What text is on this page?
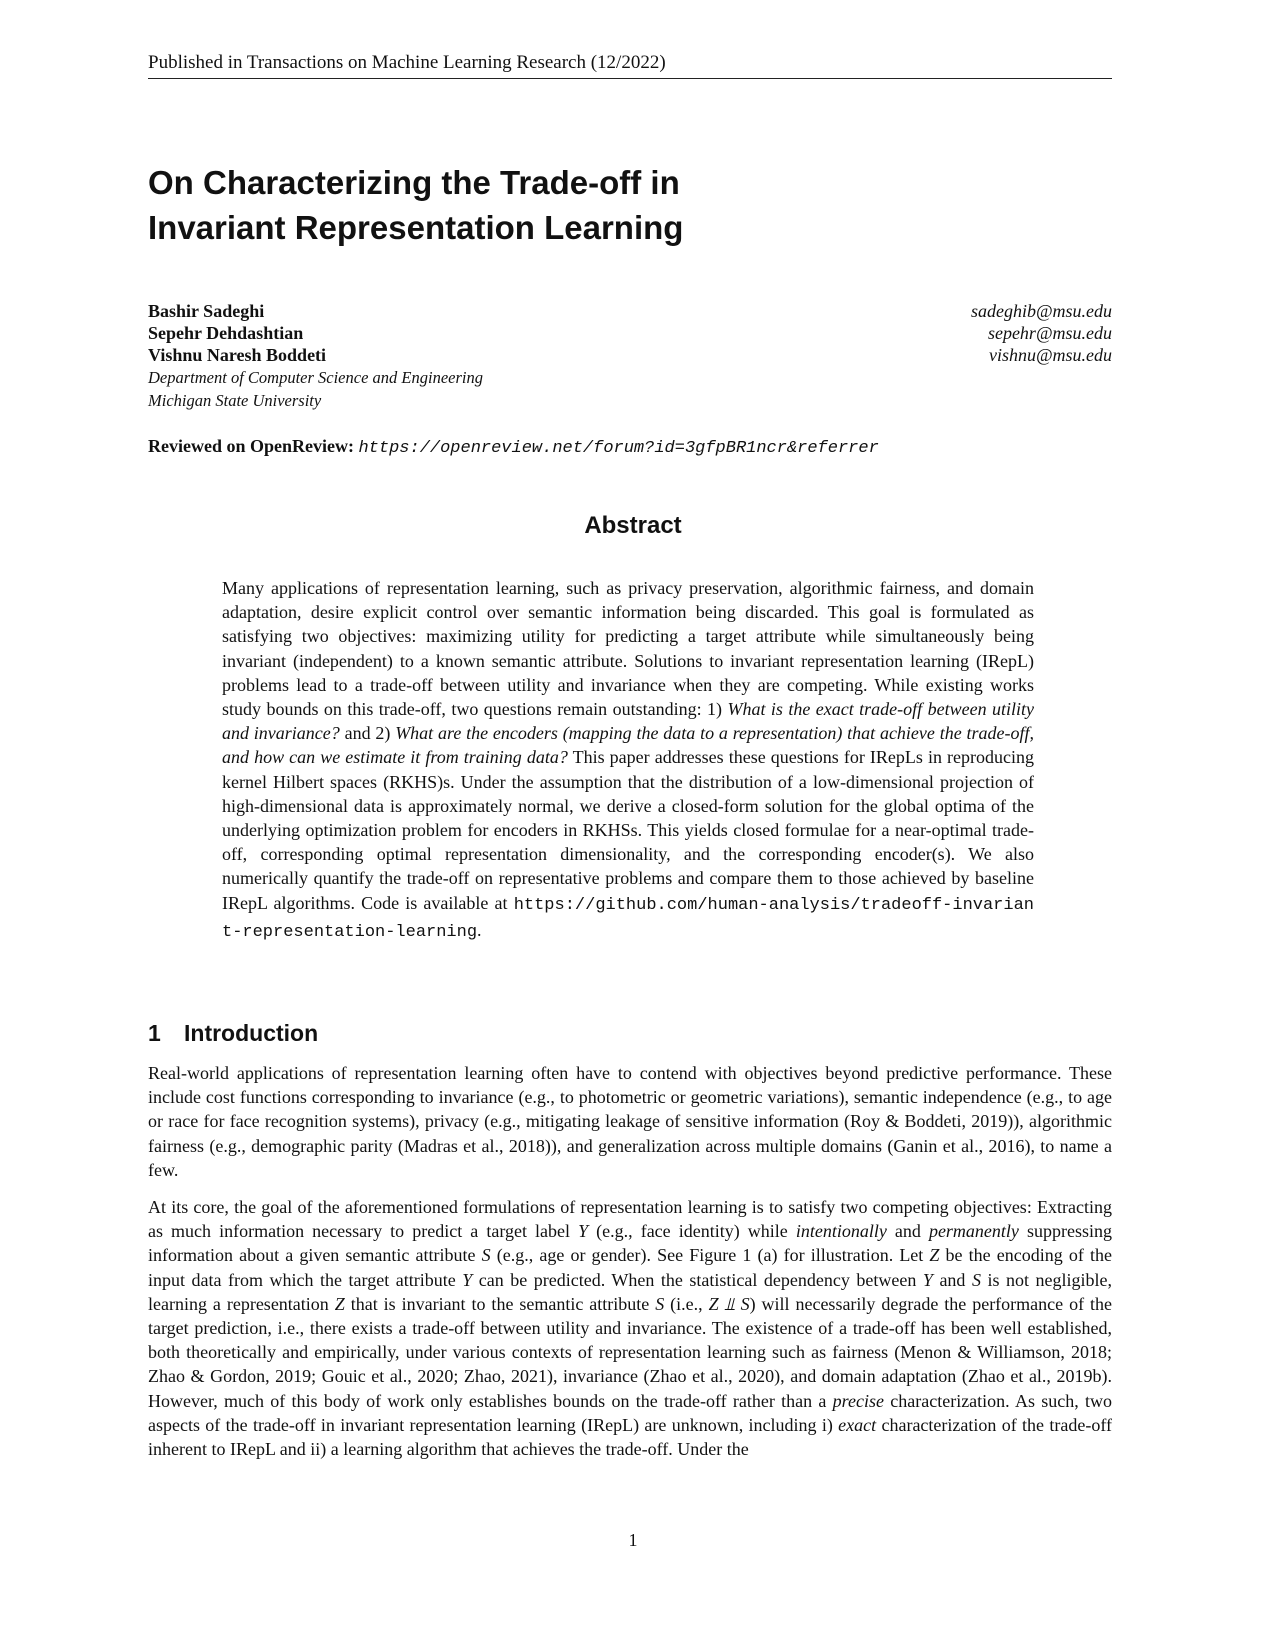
Published in Transactions on Machine Learning Research (12/2022)
On Characterizing the Trade-off in
Invariant Representation Learning
Bashir Sadeghi	sadeghib@msu.edu
Sepehr Dehdashtian	sepehr@msu.edu
Vishnu Naresh Boddeti	vishnu@msu.edu
Department of Computer Science and Engineering
Michigan State University
Reviewed on OpenReview: https://openreview.net/forum?id=3gfpBR1ncr&referrer
Abstract

Many applications of representation learning, such as privacy preservation, algorithmic fairness, and domain adaptation, desire explicit control over semantic information being discarded. This goal is formulated as satisfying two objectives: maximizing utility for predicting a target attribute while simultaneously being invariant (independent) to a known semantic attribute. Solutions to invariant representation learning (IRepL) problems lead to a trade-off between utility and invariance when they are competing. While existing works study bounds on this trade-off, two questions remain outstanding: 1) What is the exact trade-off between utility and invariance? and 2) What are the encoders (mapping the data to a representation) that achieve the trade-off, and how can we estimate it from training data? This paper addresses these questions for IRepLs in reproducing kernel Hilbert spaces (RKHS)s. Under the assumption that the distribution of a low-dimensional projection of high-dimensional data is approximately normal, we derive a closed-form solution for the global optima of the underlying optimization problem for encoders in RKHSs. This yields closed formulae for a near-optimal trade-off, corresponding optimal representation dimensionality, and the corresponding encoder(s). We also numerically quantify the trade-off on representative problems and compare them to those achieved by baseline IRepL algorithms. Code is available at https://github.com/human-analysis/tradeoff-invariant-representation-learning.

1 Introduction

Real-world applications of representation learning often have to contend with objectives beyond predictive performance. These include cost functions corresponding to invariance (e.g., to photometric or geometric variations), semantic independence (e.g., to age or race for face recognition systems), privacy (e.g., mitigating leakage of sensitive information (Roy & Boddeti, 2019)), algorithmic fairness (e.g., demographic parity (Madras et al., 2018)), and generalization across multiple domains (Ganin et al., 2016), to name a few.

At its core, the goal of the aforementioned formulations of representation learning is to satisfy two competing objectives: Extracting as much information necessary to predict a target label Y (e.g., face identity) while intentionally and permanently suppressing information about a given semantic attribute S (e.g., age or gender). See Figure 1 (a) for illustration. Let Z be the encoding of the input data from which the target attribute Y can be predicted. When the statistical dependency between Y and S is not negligible, learning a representation Z that is invariant to the semantic attribute S (i.e., Z ⫫ S) will necessarily degrade the performance of the target prediction, i.e., there exists a trade-off between utility and invariance. The existence of a trade-off has been well established, both theoretically and empirically, under various contexts of representation learning such as fairness (Menon & Williamson, 2018; Zhao & Gordon, 2019; Gouic et al., 2020; Zhao, 2021), invariance (Zhao et al., 2020), and domain adaptation (Zhao et al., 2019b). However, much of this body of work only establishes bounds on the trade-off rather than a precise characterization. As such, two aspects of the trade-off in invariant representation learning (IRepL) are unknown, including i) exact characterization of the trade-off inherent to IRepL and ii) a learning algorithm that achieves the trade-off. Under the

1
